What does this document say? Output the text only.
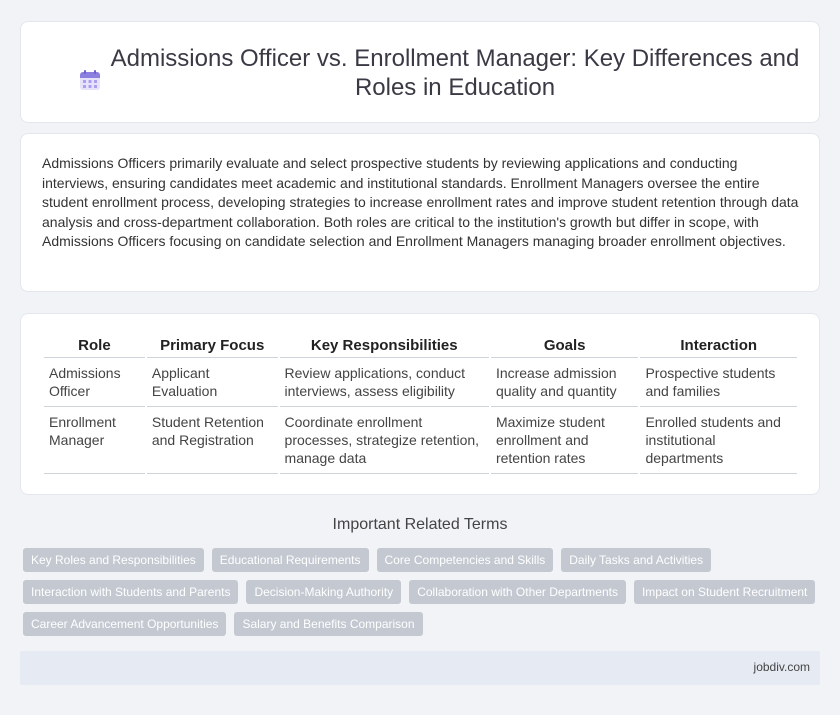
Admissions Officer vs. Enrollment Manager: Key Differences and Roles in Education

Admissions Officers primarily evaluate and select prospective students by reviewing applications and conducting interviews, ensuring candidates meet academic and institutional standards. Enrollment Managers oversee the entire student enrollment process, developing strategies to increase enrollment rates and improve student retention through data analysis and cross-department collaboration. Both roles are critical to the institution's growth but differ in scope, with Admissions Officers focusing on candidate selection and Enrollment Managers managing broader enrollment objectives.

Role	Primary Focus	Key Responsibilities	Goals	Interaction
Admissions Officer	Applicant Evaluation	Review applications, conduct interviews, assess eligibility	Increase admission quality and quantity	Prospective students and families
Enrollment Manager	Student Retention and Registration	Coordinate enrollment processes, strategize retention, manage data	Maximize student enrollment and retention rates	Enrolled students and institutional departments
Important Related Terms
Key Roles and Responsibilities	Educational Requirements	Core Competencies and Skills	Daily Tasks and Activities
Interaction with Students and Parents	Decision-Making Authority	Collaboration with Other Departments	Impact on Student Recruitment
Career Advancement Opportunities	Salary and Benefits Comparison
jobdiv.com
